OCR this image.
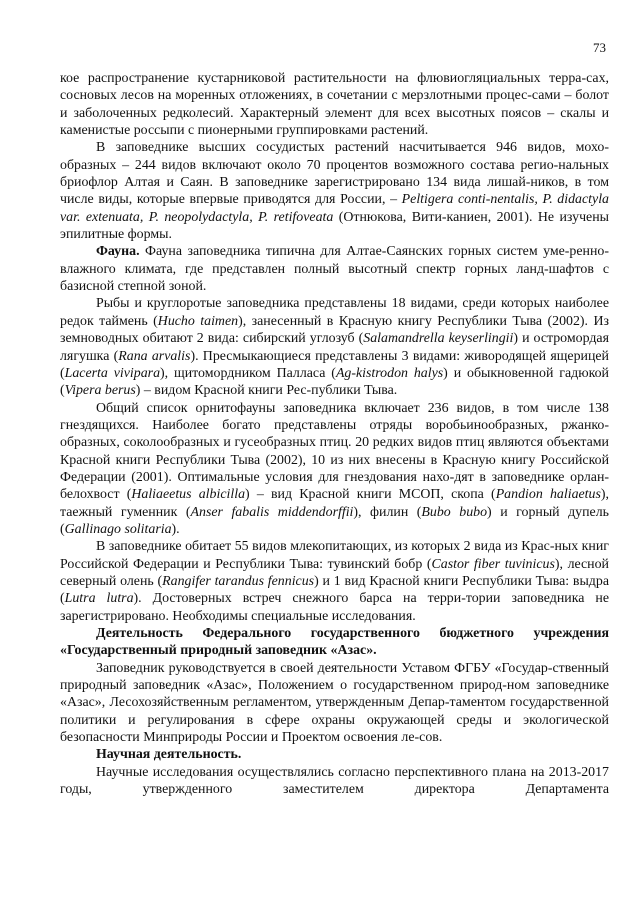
73

кое распространение кустарниковой растительности на флювиогляциальных терра-сах, сосновых лесов на моренных отложениях, в сочетании с мерзлотными процес-сами – болот и заболоченных редколесий. Характерный элемент для всех высотных поясов – скалы и каменистые россыпи с пионерными группировками растений.

В заповеднике высших сосудистых растений насчитывается 946 видов, мохо-образных – 244 видов включают около 70 процентов возможного состава регио-нальных бриофлор Алтая и Саян. В заповеднике зарегистрировано 134 вида лишай-ников, в том числе виды, которые впервые приводятся для России, – Peltigera conti-nentalis, P. didactyla var. extenuata, P. neopolydactyla, P. retifoveata (Отнюкова, Вити-каниен, 2001). Не изучены эпилитные формы.

Фауна. Фауна заповедника типична для Алтае-Саянских горных систем уме-ренно-влажного климата, где представлен полный высотный спектр горных ланд-шафтов с базисной степной зоной.

Рыбы и круглоротые заповедника представлены 18 видами, среди которых наиболее редок таймень (Hucho taimen), занесенный в Красную книгу Республики Тыва (2002). Из земноводных обитают 2 вида: сибирский углозуб (Salamandrella keyserlingii) и остромордая лягушка (Rana arvalis). Пресмыкающиеся представлены 3 видами: живородящей ящерицей (Lacerta vivipara), щитомордником Палласа (Ag-kistrodon halys) и обыкновенной гадюкой (Vipera berus) – видом Красной книги Рес-публики Тыва.

Общий список орнитофауны заповедника включает 236 видов, в том числе 138 гнездящихся. Наиболее богато представлены отряды воробьинообразных, ржанко-образных, соколообразных и гусеобразных птиц. 20 редких видов птиц являются объектами Красной книги Республики Тыва (2002), 10 из них внесены в Красную книгу Российской Федерации (2001). Оптимальные условия для гнездования нахо-дят в заповеднике орлан-белохвост (Haliaeetus albicilla) – вид Красной книги МСОП, скопа (Pandion haliaetus), таежный гуменник (Anser fabalis middendorffii), филин (Bubo bubo) и горный дупель (Gallinago solitaria).

В заповеднике обитает 55 видов млекопитающих, из которых 2 вида из Крас-ных книг Российской Федерации и Республики Тыва: тувинский бобр (Castor fiber tuvinicus), лесной северный олень (Rangifer tarandus fennicus) и 1 вид Красной книги Республики Тыва: выдра (Lutra lutra). Достоверных встреч снежного барса на терри-тории заповедника не зарегистрировано. Необходимы специальные исследования.

Деятельность Федерального государственного бюджетного учреждения «Государственный природный заповедник «Азас».

Заповедник руководствуется в своей деятельности Уставом ФГБУ «Государ-ственный природный заповедник «Азас», Положением о государственном природ-ном заповеднике «Азас», Лесохозяйственным регламентом, утвержденным Депар-таментом государственной политики и регулирования в сфере охраны окружающей среды и экологической безопасности Минприроды России и Проектом освоения ле-сов.

Научная деятельность.

Научные исследования осуществлялись согласно перспективного плана на 2013-2017 годы, утвержденного заместителем директора Департамента
